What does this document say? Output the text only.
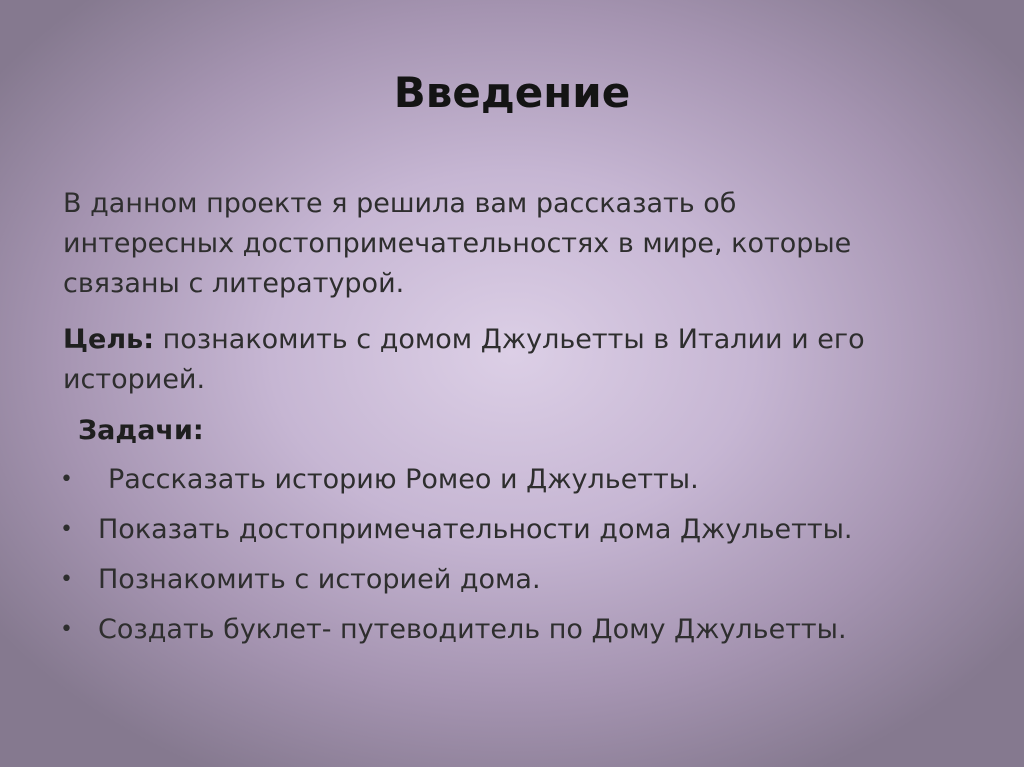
Введение

В данном проекте я решила вам рассказать об
интересных достопримечательностях в мире, которые
связаны с литературой.

Цель: познакомить с домом Джульетты в Италии и его
историей.

Задачи:

• Рассказать историю Ромео и Джульетты.
• Показать достопримечательности дома Джульетты.
• Познакомить с историей дома.
• Создать буклет- путеводитель по Дому Джульетты.
